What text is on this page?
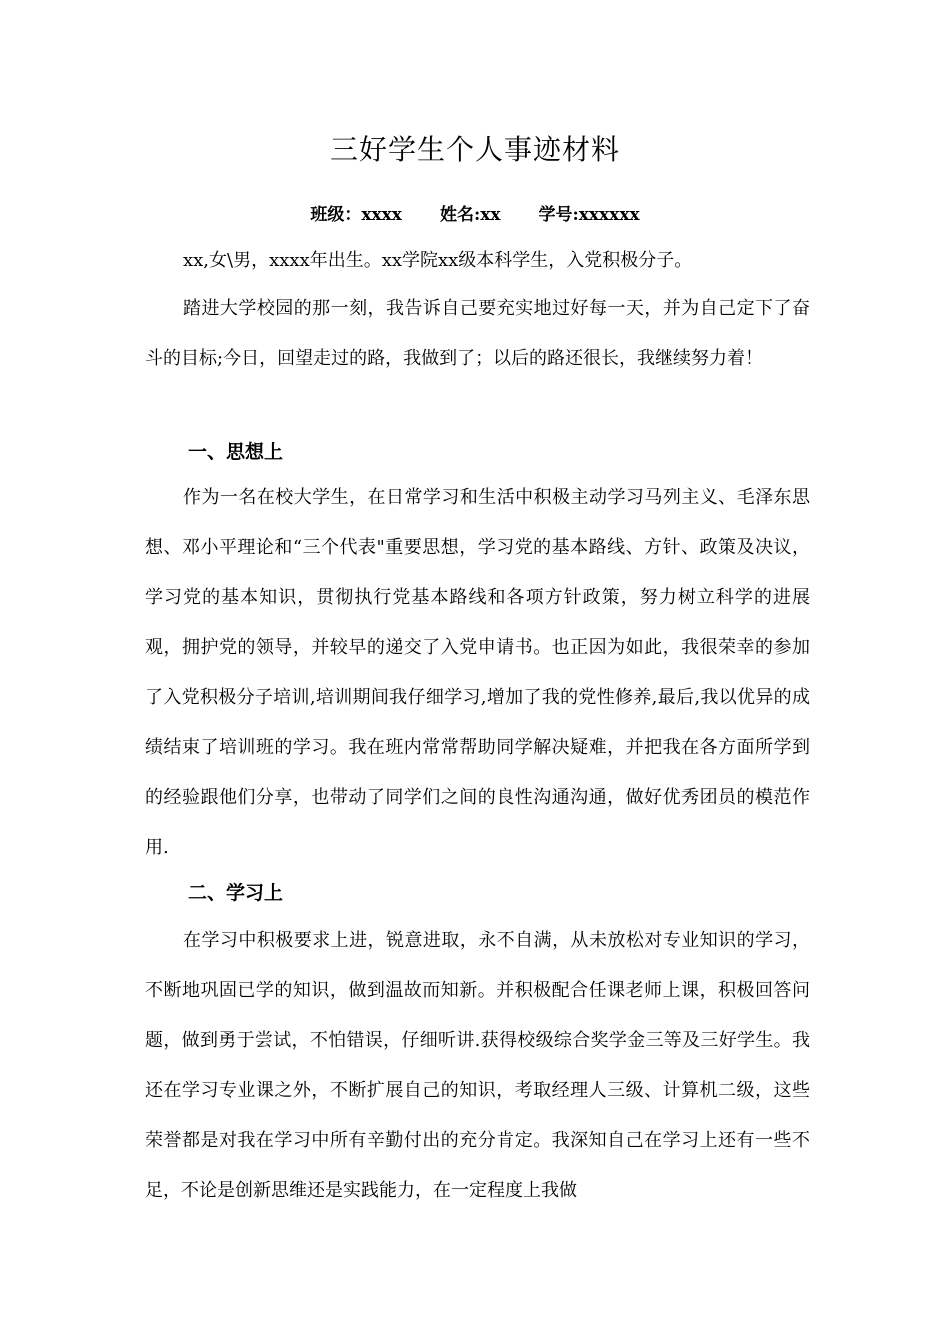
三好学生个人事迹材料
班级：xxxx 姓名:xx 学号:xxxxxx

xx,女\男，xxxx年出生。xx学院xx级本科学生，入党积极分子。

踏进大学校园的那一刻，我告诉自己要充实地过好每一天，并为自己定下了奋斗的目标;今日，回望走过的路，我做到了；以后的路还很长，我继续努力着！

一、思想上

作为一名在校大学生，在日常学习和生活中积极主动学习马列主义、毛泽东思想、邓小平理论和“三个代表"重要思想，学习党的基本路线、方针、政策及决议，学习党的基本知识，贯彻执行党基本路线和各项方针政策，努力树立科学的进展观，拥护党的领导，并较早的递交了入党申请书。也正因为如此，我很荣幸的参加了入党积极分子培训,培训期间我仔细学习,增加了我的党性修养,最后,我以优异的成绩结束了培训班的学习。我在班内常常帮助同学解决疑难，并把我在各方面所学到的经验跟他们分享，也带动了同学们之间的良性沟通沟通，做好优秀团员的模范作用.

二、学习上

在学习中积极要求上进，锐意进取，永不自满，从未放松对专业知识的学习，不断地巩固已学的知识，做到温故而知新。并积极配合任课老师上课，积极回答问题，做到勇于尝试，不怕错误，仔细听讲.获得校级综合奖学金三等及三好学生。我还在学习专业课之外，不断扩展自己的知识，考取经理人三级、计算机二级，这些荣誉都是对我在学习中所有辛勤付出的充分肯定。我深知自己在学习上还有一些不足，不论是创新思维还是实践能力，在一定程度上我做
